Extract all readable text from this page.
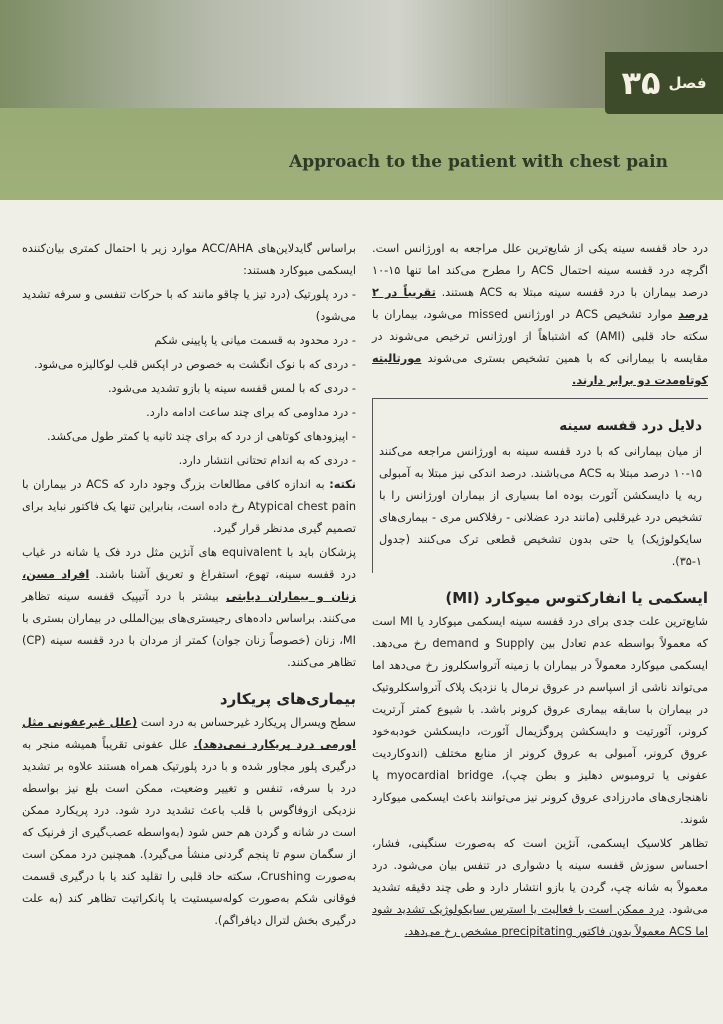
فصل
۳۵
Approach to the patient with chest pain

درد حاد قفسه سینه یکی از شایع‌ترین علل مراجعه به اورژانس است. اگرچه درد قفسه سینه احتمال ACS را مطرح می‌کند اما تنها ۱۵-۱۰ درصد بیماران با درد قفسه سینه مبتلا به ACS هستند. تقریباً در ۲ درصد موارد تشخیص ACS در اورژانس missed می‌شود، بیماران با سکته حاد قلبی (AMI) که اشتباهاً از اورژانس ترخیص می‌شوند در مقایسه با بیمارانی که با همین تشخیص بستری می‌شوند مورتالیته کوتاه‌مدت دو برابر دارند.

دلایل درد قفسه سینه

از میان بیمارانی که با درد قفسه سینه به اورژانس مراجعه می‌کنند ۱۵-۱۰ درصد مبتلا به ACS می‌باشند. درصد اندکی نیز مبتلا به آمبولی ریه یا دایسکشن آئورت بوده اما بسیاری از بیماران اورژانس را با تشخیص درد غیرقلبی (مانند درد عضلانی - رفلاکس مری - بیماری‌های سایکولوژیک) یا حتی بدون تشخیص قطعی ترک می‌کنند (جدول ۱-۳۵).

ایسکمی یا انفارکتوس میوکارد (MI)

شایع‌ترین علت جدی برای درد قفسه سینه ایسکمی میوکارد یا MI است که معمولاً بواسطه عدم تعادل بین Supply و demand رخ می‌دهد. ایسکمی میوکارد معمولاً در بیماران با زمینه آترواسکلروز رخ می‌دهد اما می‌تواند ناشی از اسپاسم در عروق نرمال یا نزدیک پلاک آترواسکلروتیک در بیماران با سابقه بیماری عروق کرونر باشد. با شیوع کمتر آرتریت کرونر، آئورتیت و دایسکشن پروگزیمال آئورت، دایسکشن خودبه‌خود عروق کرونر، آمبولی به عروق کرونر از منابع مختلف (اندوکاردیت عفونی یا ترومبوس دهلیز و بطن چپ)، myocardial bridge یا ناهنجاری‌های مادرزادی عروق کرونر نیز می‌توانند باعث ایسکمی میوکارد شوند.

تظاهر کلاسیک ایسکمی، آنژین است که به‌صورت سنگینی، فشار، احساس سوزش قفسه سینه یا دشواری در تنفس بیان می‌شود. درد معمولاً به شانه چپ، گردن یا بازو انتشار دارد و طی چند دقیقه تشدید می‌شود. درد ممکن است با فعالیت یا استرس سایکولوژیک تشدید شود اما ACS معمولاً بدون فاکتور precipitating مشخص رخ می‌دهد.

براساس گایدلاین‌های ACC/AHA موارد زیر با احتمال کمتری بیان‌کننده ایسکمی میوکارد هستند:

- درد پلورتیک (درد تیز یا چاقو مانند که با حرکات تنفسی و سرفه تشدید می‌شود)

- درد محدود به قسمت میانی یا پایینی شکم

- دردی که با نوک انگشت به خصوص در اپکس قلب لوکالیزه می‌شود.

- دردی که با لمس قفسه سینه یا بازو تشدید می‌شود.

- درد مداومی که برای چند ساعت ادامه دارد.

- اپیزودهای کوتاهی از درد که برای چند ثانیه یا کمتر طول می‌کشد.

- دردی که به اندام تحتانی انتشار دارد.

نکته: به اندازه کافی مطالعات بزرگ وجود دارد که ACS در بیماران با Atypical chest pain رخ داده است، بنابراین تنها یک فاکتور نباید برای تصمیم گیری مدنظر قرار گیرد.

پزشکان باید با equivalent های آنژین مثل درد فک یا شانه در غیاب درد قفسه سینه، تهوع، استفراغ و تعریق آشنا باشند. افراد مسن، زنان و بیماران دیابتی بیشتر با درد آتیپیک قفسه سینه تظاهر می‌کنند. براساس داده‌های رجیستری‌های بین‌المللی در بیماران بستری با MI، زنان (خصوصاً زنان جوان) کمتر از مردان با درد قفسه سینه (CP) تظاهر می‌کنند.

بیماری‌های پریکارد

سطح ویسرال پریکارد غیرحساس به درد است (علل غیرعفونی مثل اورمی درد پریکارد نمی‌دهد). علل عفونی تقریباً همیشه منجر به درگیری پلور مجاور شده و با درد پلورتیک همراه هستند علاوه بر تشدید درد با سرفه، تنفس و تغییر وضعیت، ممکن است بلع نیز بواسطه نزدیکی ازوفاگوس با قلب باعث تشدید درد شود. درد پریکارد ممکن است در شانه و گردن هم حس شود (به‌واسطه عصب‌گیری از فرنیک که از سگمان سوم تا پنجم گردنی منشأ می‌گیرد). همچنین درد ممکن است به‌صورت Crushing، سکته حاد قلبی را تقلید کند یا با درگیری قسمت فوقانی شکم به‌صورت کوله‌سیستیت یا پانکراتیت تظاهر کند (به علت درگیری بخش لترال دیافراگم).
